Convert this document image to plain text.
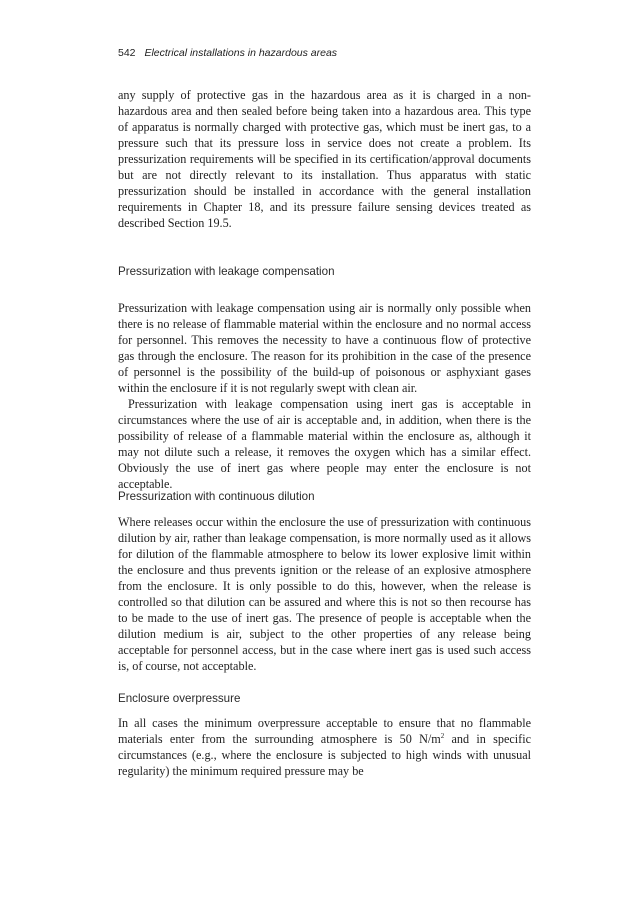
542 Electrical installations in hazardous areas

any supply of protective gas in the hazardous area as it is charged in a non-hazardous area and then sealed before being taken into a hazardous area. This type of apparatus is normally charged with protective gas, which must be inert gas, to a pressure such that its pressure loss in service does not create a problem. Its pressurization requirements will be specified in its certification/approval documents but are not directly relevant to its installation. Thus apparatus with static pressurization should be installed in accordance with the general installation requirements in Chapter 18, and its pressure failure sensing devices treated as described Section 19.5.

Pressurization with leakage compensation

Pressurization with leakage compensation using air is normally only possible when there is no release of flammable material within the enclosure and no normal access for personnel. This removes the necessity to have a continuous flow of protective gas through the enclosure. The reason for its prohibition in the case of the presence of personnel is the possibility of the build-up of poisonous or asphyxiant gases within the enclosure if it is not regularly swept with clean air.

Pressurization with leakage compensation using inert gas is acceptable in circumstances where the use of air is acceptable and, in addition, when there is the possibility of release of a flammable material within the enclosure as, although it may not dilute such a release, it removes the oxygen which has a similar effect. Obviously the use of inert gas where people may enter the enclosure is not acceptable.

Pressurization with continuous dilution

Where releases occur within the enclosure the use of pressurization with continuous dilution by air, rather than leakage compensation, is more normally used as it allows for dilution of the flammable atmosphere to below its lower explosive limit within the enclosure and thus prevents ignition or the release of an explosive atmosphere from the enclosure. It is only possible to do this, however, when the release is controlled so that dilution can be assured and where this is not so then recourse has to be made to the use of inert gas. The presence of people is acceptable when the dilution medium is air, subject to the other properties of any release being acceptable for personnel access, but in the case where inert gas is used such access is, of course, not acceptable.

Enclosure overpressure

In all cases the minimum overpressure acceptable to ensure that no flammable materials enter from the surrounding atmosphere is 50 $N/m^2$ and in specific circumstances (e.g., where the enclosure is subjected to high winds with unusual regularity) the minimum required pressure may be
